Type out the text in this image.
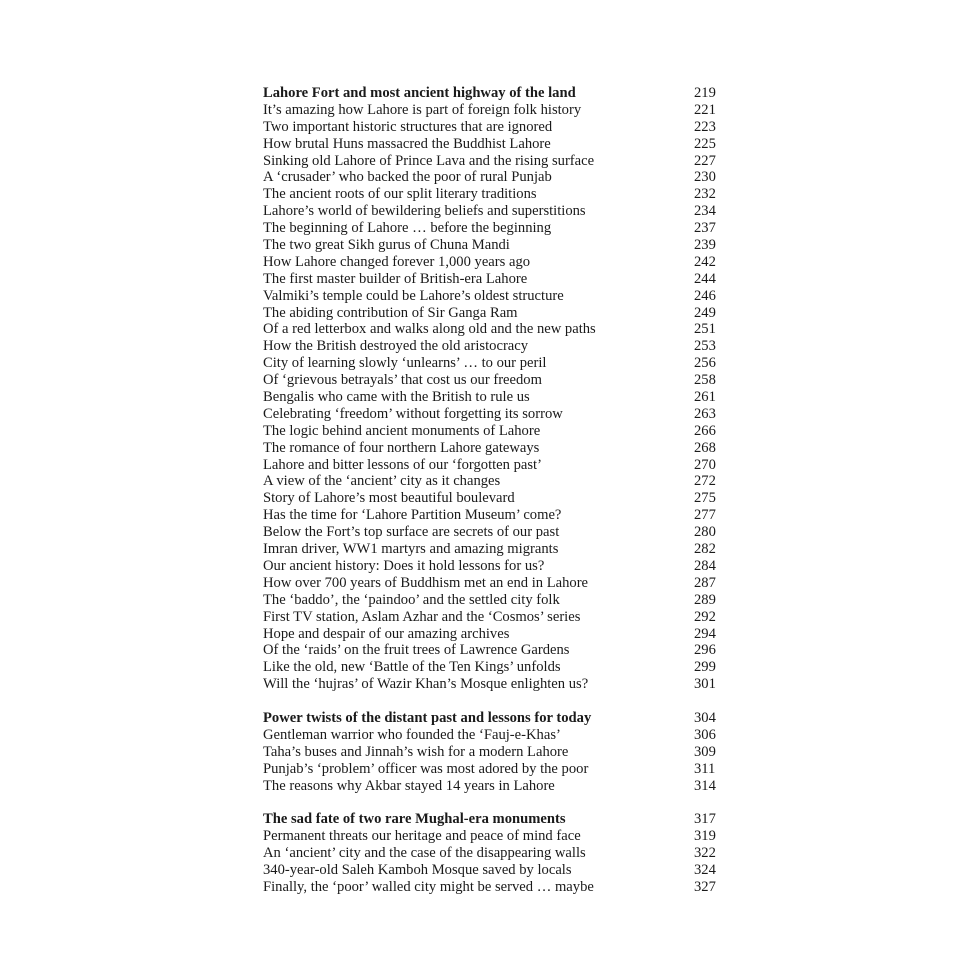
Lahore Fort and most ancient highway of the land	219
It’s amazing how Lahore is part of foreign folk history	221
Two important historic structures that are ignored	223
How brutal Huns massacred the Buddhist Lahore	225
Sinking old Lahore of Prince Lava and the rising surface	227
A ‘crusader’ who backed the poor of rural Punjab	230
The ancient roots of our split literary traditions	232
Lahore’s world of bewildering beliefs and superstitions	234
The beginning of Lahore … before the beginning	237
The two great Sikh gurus of Chuna Mandi	239
How Lahore changed forever 1,000 years ago	242
The first master builder of British-era Lahore	244
Valmiki’s temple could be Lahore’s oldest structure	246
The abiding contribution of Sir Ganga Ram	249
Of a red letterbox and walks along old and the new paths	251
How the British destroyed the old aristocracy	253
City of learning slowly ‘unlearns’ … to our peril	256
Of ‘grievous betrayals’ that cost us our freedom	258
Bengalis who came with the British to rule us	261
Celebrating ‘freedom’ without forgetting its sorrow	263
The logic behind ancient monuments of Lahore	266
The romance of four northern Lahore gateways	268
Lahore and bitter lessons of our ‘forgotten past’	270
A view of the ‘ancient’ city as it changes	272
Story of Lahore’s most beautiful boulevard	275
Has the time for ‘Lahore Partition Museum’ come?	277
Below the Fort’s top surface are secrets of our past	280
Imran driver, WW1 martyrs and amazing migrants	282
Our ancient history: Does it hold lessons for us?	284
How over 700 years of Buddhism met an end in Lahore	287
The ‘baddo’, the ‘paindoo’ and the settled city folk	289
First TV station, Aslam Azhar and the ‘Cosmos’ series	292
Hope and despair of our amazing archives	294
Of the ‘raids’ on the fruit trees of Lawrence Gardens	296
Like the old, new ‘Battle of the Ten Kings’ unfolds	299
Will the ‘hujras’ of Wazir Khan’s Mosque enlighten us?	301
Power twists of the distant past and lessons for today	304
Gentleman warrior who founded the ‘Fauj-e-Khas’	306
Taha’s buses and Jinnah’s wish for a modern Lahore	309
Punjab’s ‘problem’ officer was most adored by the poor	311
The reasons why Akbar stayed 14 years in Lahore	314
The sad fate of two rare Mughal-era monuments	317
Permanent threats our heritage and peace of mind face	319
An ‘ancient’ city and the case of the disappearing walls	322
340-year-old Saleh Kamboh Mosque saved by locals	324
Finally, the ‘poor’ walled city might be served … maybe	327
